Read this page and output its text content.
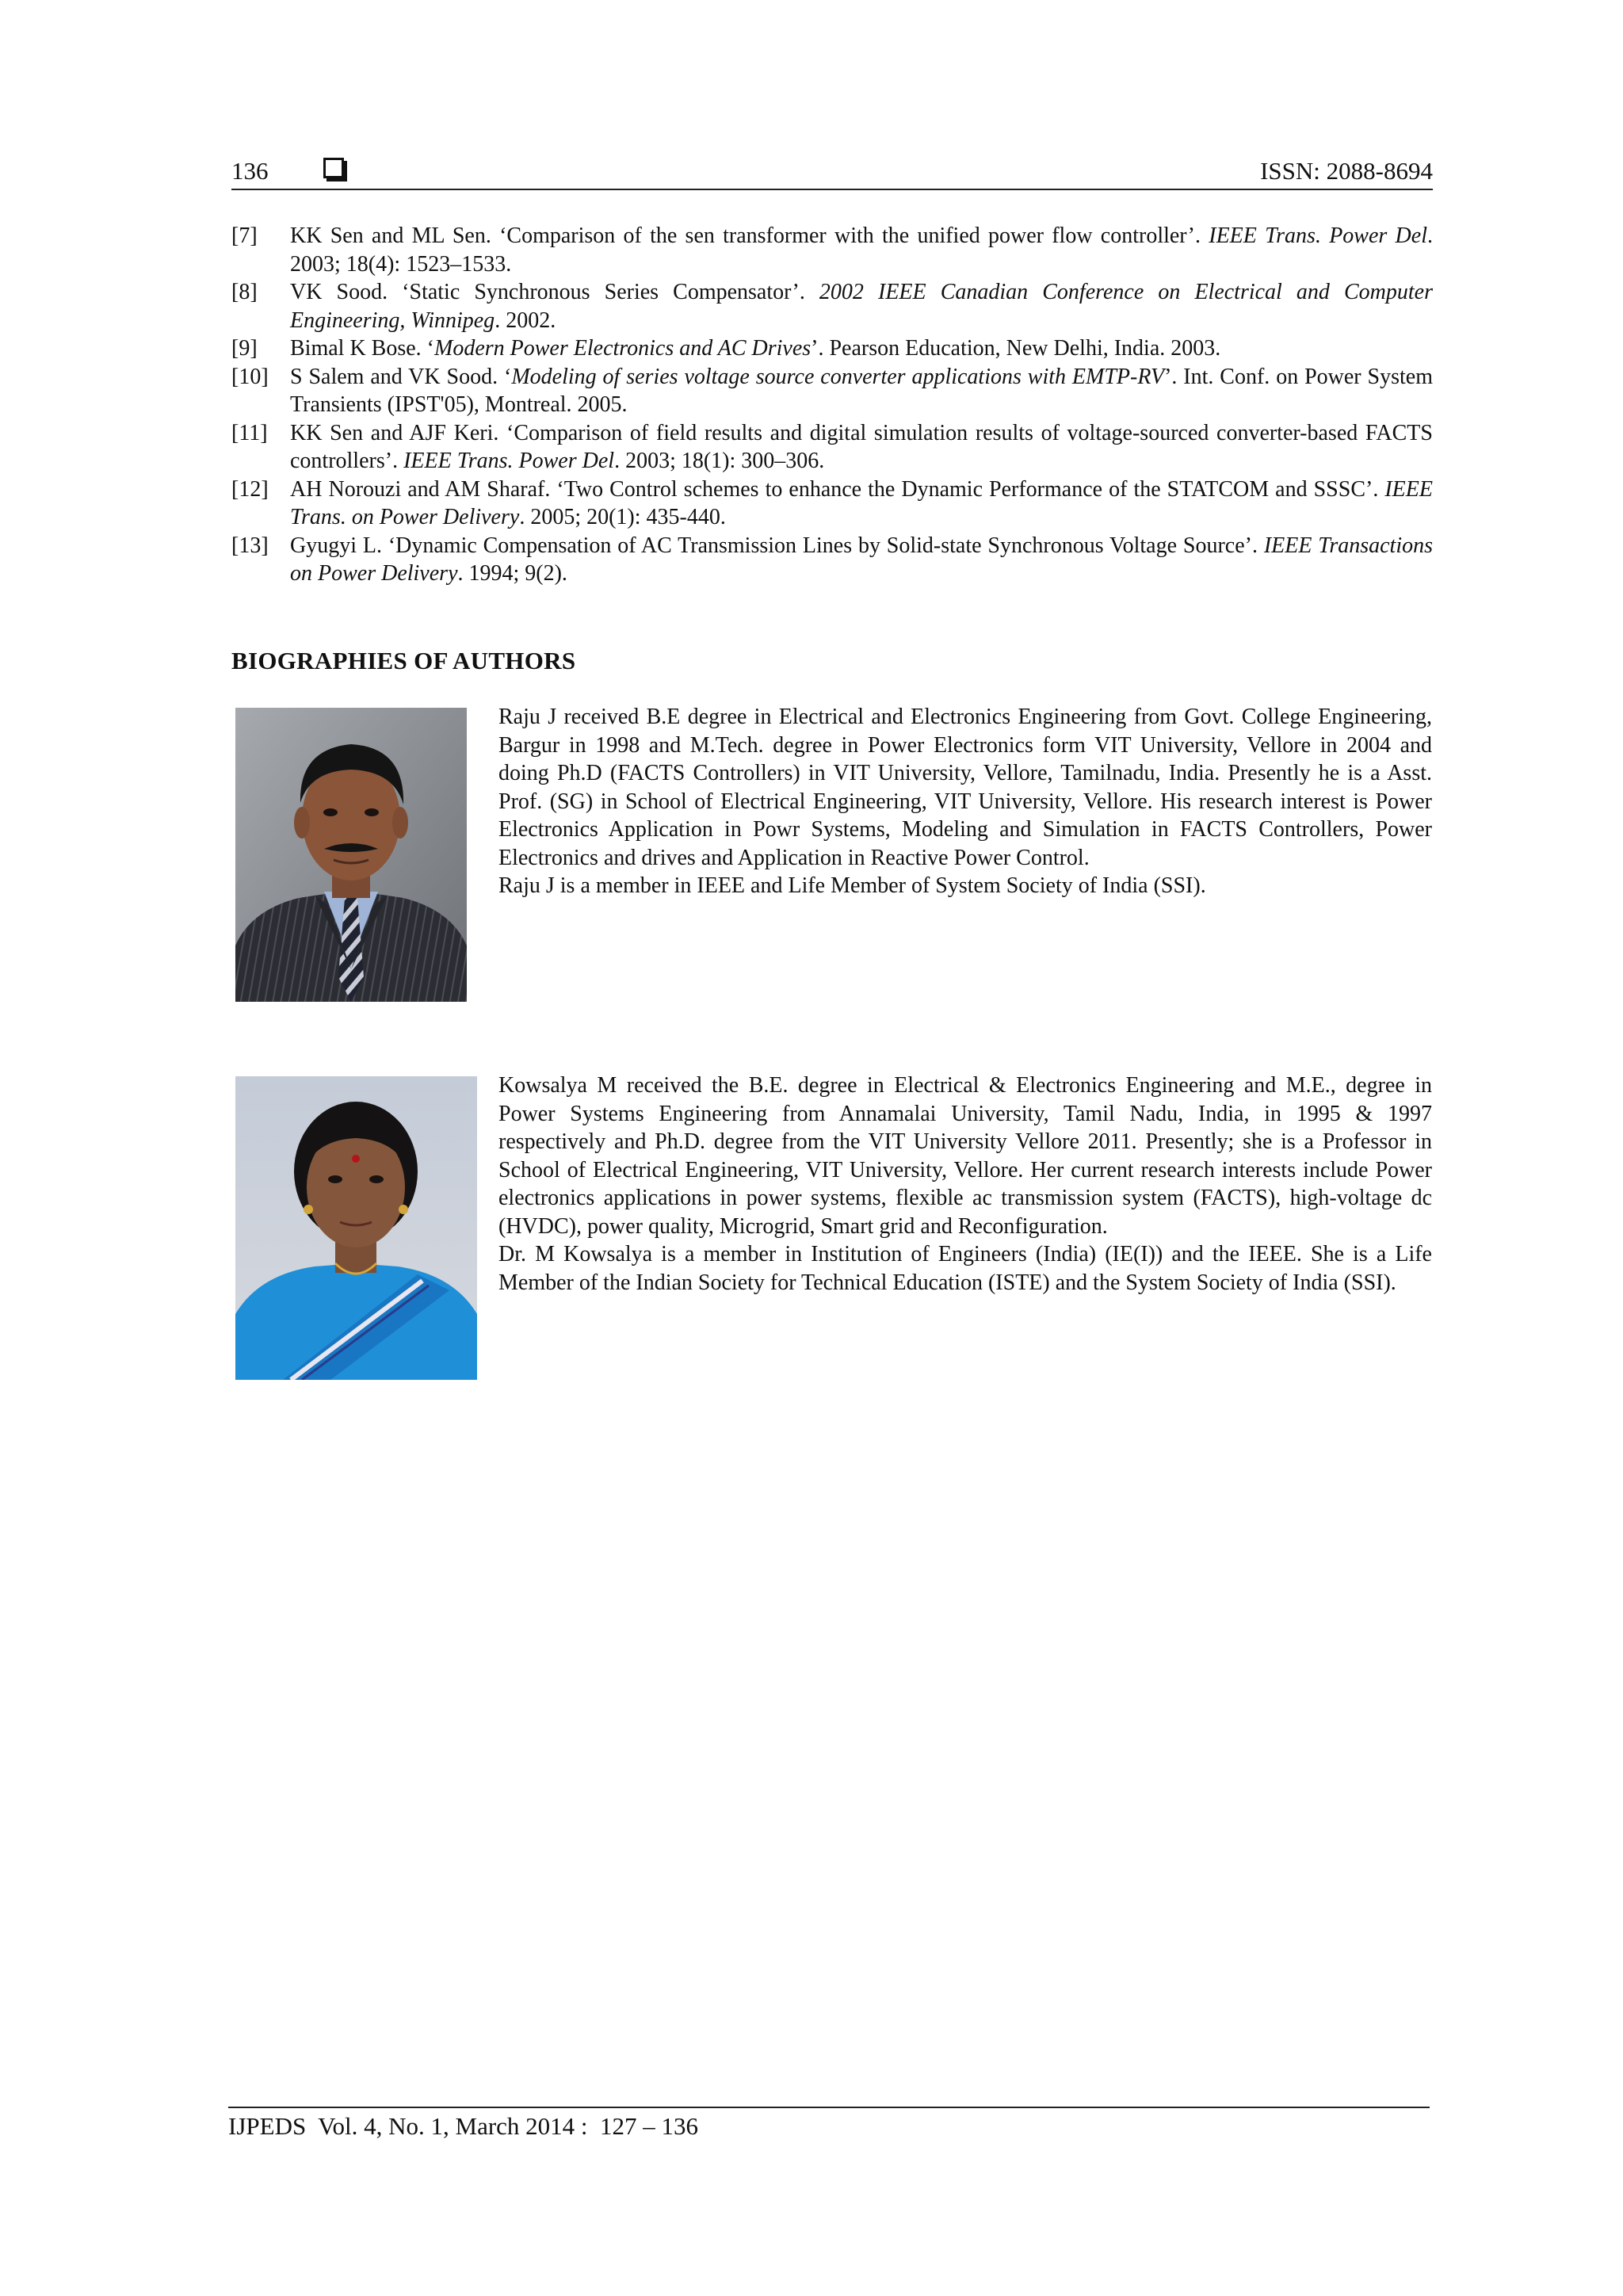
136	ISSN: 2088-8694
[7] KK Sen and ML Sen. ‘Comparison of the sen transformer with the unified power flow controller’. IEEE Trans. Power Del. 2003; 18(4): 1523–1533.
[8] VK Sood. ‘Static Synchronous Series Compensator’. 2002 IEEE Canadian Conference on Electrical and Computer Engineering, Winnipeg. 2002.
[9] Bimal K Bose. ‘Modern Power Electronics and AC Drives’. Pearson Education, New Delhi, India. 2003.
[10] S Salem and VK Sood. ‘Modeling of series voltage source converter applications with EMTP-RV’. Int. Conf. on Power System Transients (IPST'05), Montreal. 2005.
[11] KK Sen and AJF Keri. ‘Comparison of field results and digital simulation results of voltage-sourced converter-based FACTS controllers’. IEEE Trans. Power Del. 2003; 18(1): 300–306.
[12] AH Norouzi and AM Sharaf. ‘Two Control schemes to enhance the Dynamic Performance of the STATCOM and SSSC’. IEEE Trans. on Power Delivery. 2005; 20(1): 435-440.
[13] Gyugyi L. ‘Dynamic Compensation of AC Transmission Lines by Solid-state Synchronous Voltage Source’. IEEE Transactions on Power Delivery. 1994; 9(2).
BIOGRAPHIES OF AUTHORS

Raju J received B.E degree in Electrical and Electronics Engineering from Govt. College Engineering, Bargur in 1998 and M.Tech. degree in Power Electronics form VIT University, Vellore in 2004 and doing Ph.D (FACTS Controllers) in VIT University, Vellore, Tamilnadu, India. Presently he is a Asst. Prof. (SG) in School of Electrical Engineering, VIT University, Vellore. His research interest is Power Electronics Application in Powr Systems, Modeling and Simulation in FACTS Controllers, Power Electronics and drives and Application in Reactive Power Control.

Raju J is a member in IEEE and Life Member of System Society of India (SSI).

Kowsalya M received the B.E. degree in Electrical & Electronics Engineering and M.E., degree in Power Systems Engineering from Annamalai University, Tamil Nadu, India, in 1995 & 1997 respectively and Ph.D. degree from the VIT University Vellore 2011. Presently; she is a Professor in School of Electrical Engineering, VIT University, Vellore. Her current research interests include Power electronics applications in power systems, flexible ac transmission system (FACTS), high-voltage dc (HVDC), power quality, Microgrid, Smart grid and Reconfiguration.

Dr. M Kowsalya is a member in Institution of Engineers (India) (IE(I)) and the IEEE. She is a Life Member of the Indian Society for Technical Education (ISTE) and the System Society of India (SSI).

IJPEDS  Vol. 4, No. 1, March 2014 :  127 – 136
